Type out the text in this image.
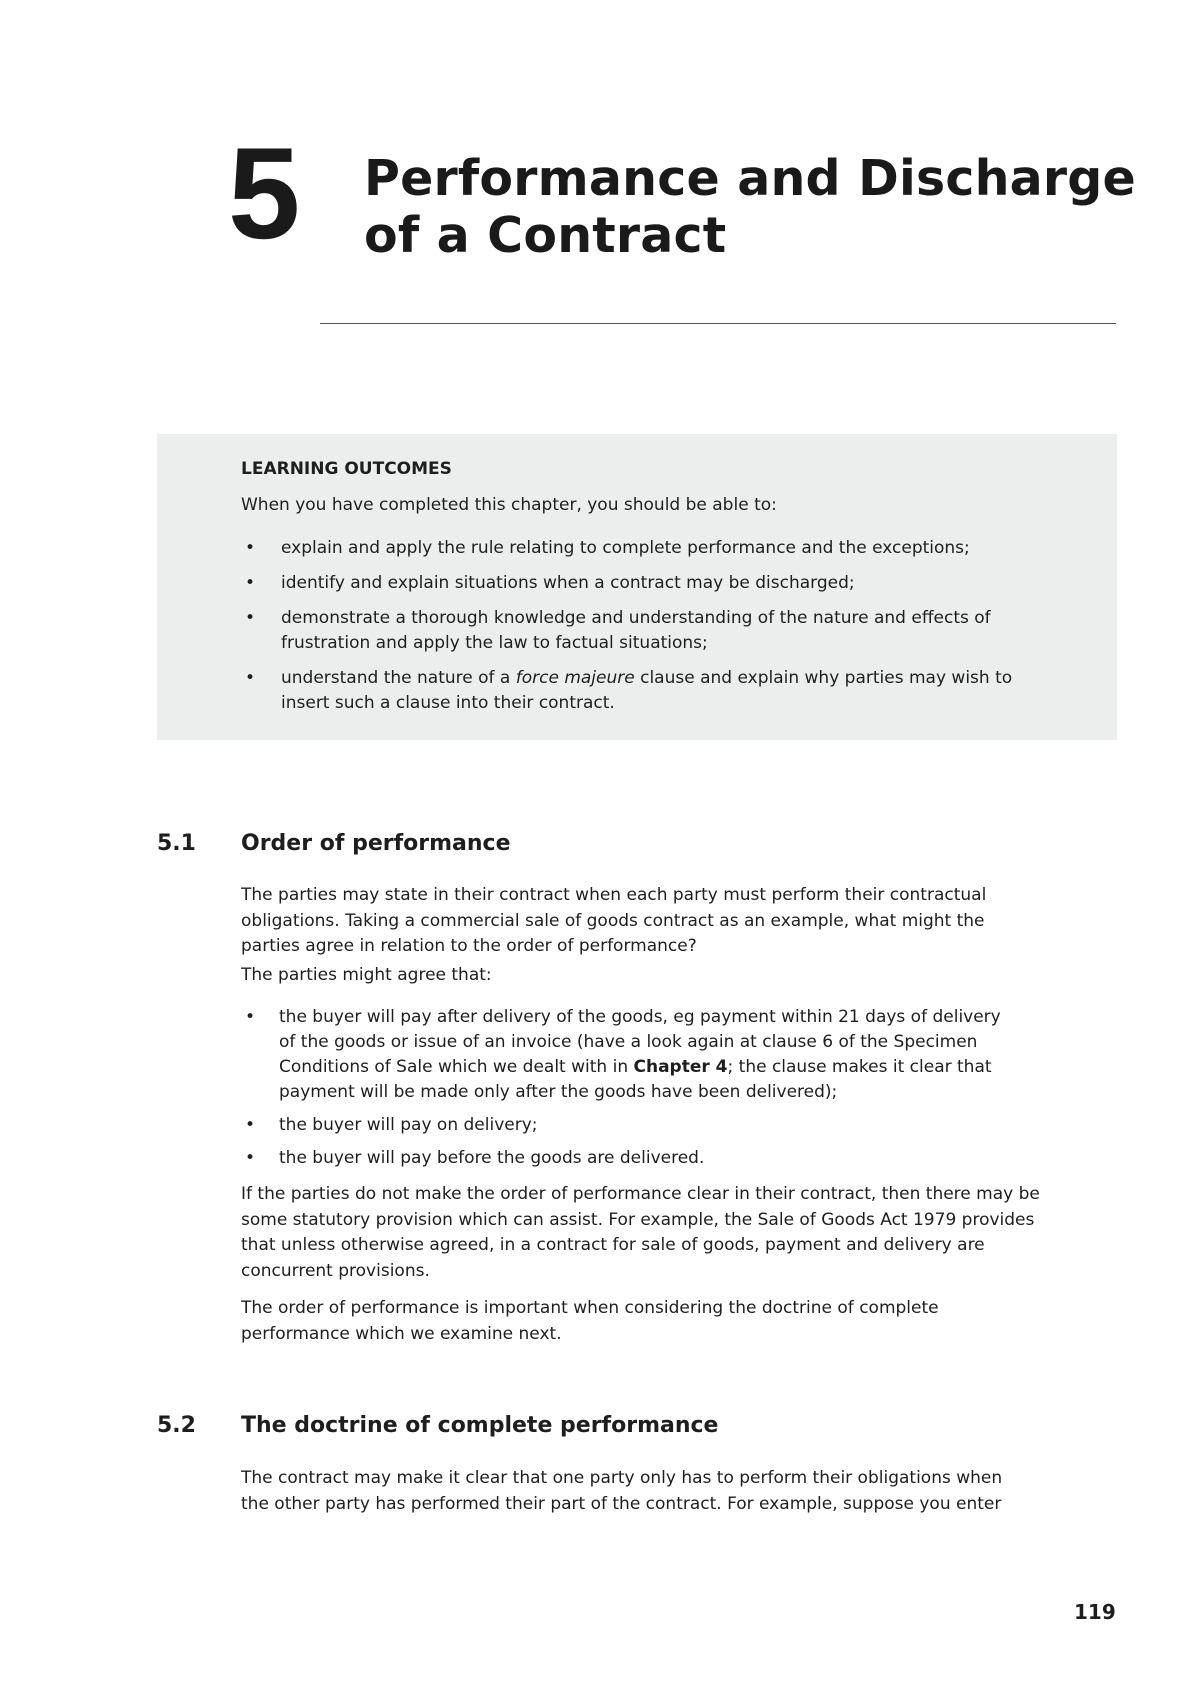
5 Performance and Discharge
of a Contract
LEARNING OUTCOMES
When you have completed this chapter, you should be able to:
• explain and apply the rule relating to complete performance and the exceptions;
• identify and explain situations when a contract may be discharged;
• demonstrate a thorough knowledge and understanding of the nature and effects of
frustration and apply the law to factual situations;
• understand the nature of a force majeure clause and explain why parties may wish to
insert such a clause into their contract.
5.1 Order of performance

The parties may state in their contract when each party must perform their contractual
obligations. Taking a commercial sale of goods contract as an example, what might the
parties agree in relation to the order of performance?

The parties might agree that:

• the buyer will pay after delivery of the goods, eg payment within 21 days of delivery
of the goods or issue of an invoice (have a look again at clause 6 of the Specimen
Conditions of Sale which we dealt with in Chapter 4; the clause makes it clear that
payment will be made only after the goods have been delivered);
• the buyer will pay on delivery;
• the buyer will pay before the goods are delivered.

If the parties do not make the order of performance clear in their contract, then there may be
some statutory provision which can assist. For example, the Sale of Goods Act 1979 provides
that unless otherwise agreed, in a contract for sale of goods, payment and delivery are
concurrent provisions.

The order of performance is important when considering the doctrine of complete
performance which we examine next.

5.2 The doctrine of complete performance

The contract may make it clear that one party only has to perform their obligations when
the other party has performed their part of the contract. For example, suppose you enter

119
